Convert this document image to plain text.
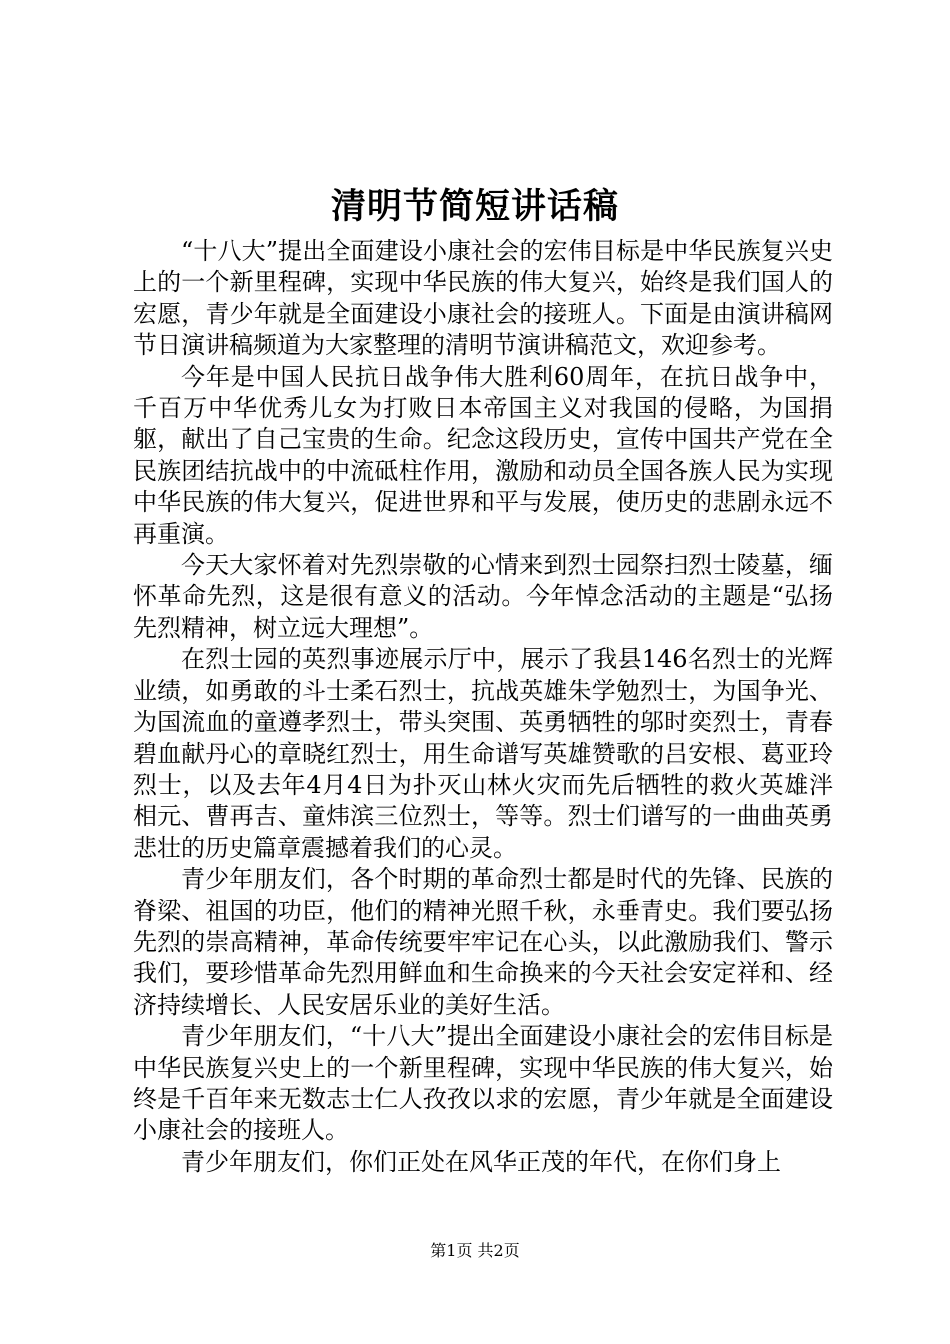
清明节简短讲话稿

“十八大”提出全面建设小康社会的宏伟目标是中华民族复兴史上的一个新里程碑，实现中华民族的伟大复兴，始终是我们国人的宏愿，青少年就是全面建设小康社会的接班人。下面是由演讲稿网节日演讲稿频道为大家整理的清明节演讲稿范文，欢迎参考。

今年是中国人民抗日战争伟大胜利60周年，在抗日战争中，千百万中华优秀儿女为打败日本帝国主义对我国的侵略，为国捐躯，献出了自己宝贵的生命。纪念这段历史，宣传中国共产党在全民族团结抗战中的中流砥柱作用，激励和动员全国各族人民为实现中华民族的伟大复兴，促进世界和平与发展，使历史的悲剧永远不再重演。

今天大家怀着对先烈崇敬的心情来到烈士园祭扫烈士陵墓，缅怀革命先烈，这是很有意义的活动。今年悼念活动的主题是“弘扬先烈精神，树立远大理想”。

在烈士园的英烈事迹展示厅中，展示了我县146名烈士的光辉业绩，如勇敢的斗士柔石烈士，抗战英雄朱学勉烈士，为国争光、为国流血的童遵孝烈士，带头突围、英勇牺牲的邬时奕烈士，青春碧血献丹心的章晓红烈士，用生命谱写英雄赞歌的吕安根、葛亚玲烈士，以及去年4月4日为扑灭山林火灾而先后牺牲的救火英雄泮相元、曹再吉、童炜滨三位烈士，等等。烈士们谱写的一曲曲英勇悲壮的历史篇章震撼着我们的心灵。

青少年朋友们，各个时期的革命烈士都是时代的先锋、民族的脊梁、祖国的功臣，他们的精神光照千秋，永垂青史。我们要弘扬先烈的崇高精神，革命传统要牢牢记在心头，以此激励我们、警示我们，要珍惜革命先烈用鲜血和生命换来的今天社会安定祥和、经济持续增长、人民安居乐业的美好生活。

青少年朋友们，“十八大”提出全面建设小康社会的宏伟目标是中华民族复兴史上的一个新里程碑，实现中华民族的伟大复兴，始终是千百年来无数志士仁人孜孜以求的宏愿，青少年就是全面建设小康社会的接班人。

青少年朋友们，你们正处在风华正茂的年代，在你们身上

第1页 共2页
